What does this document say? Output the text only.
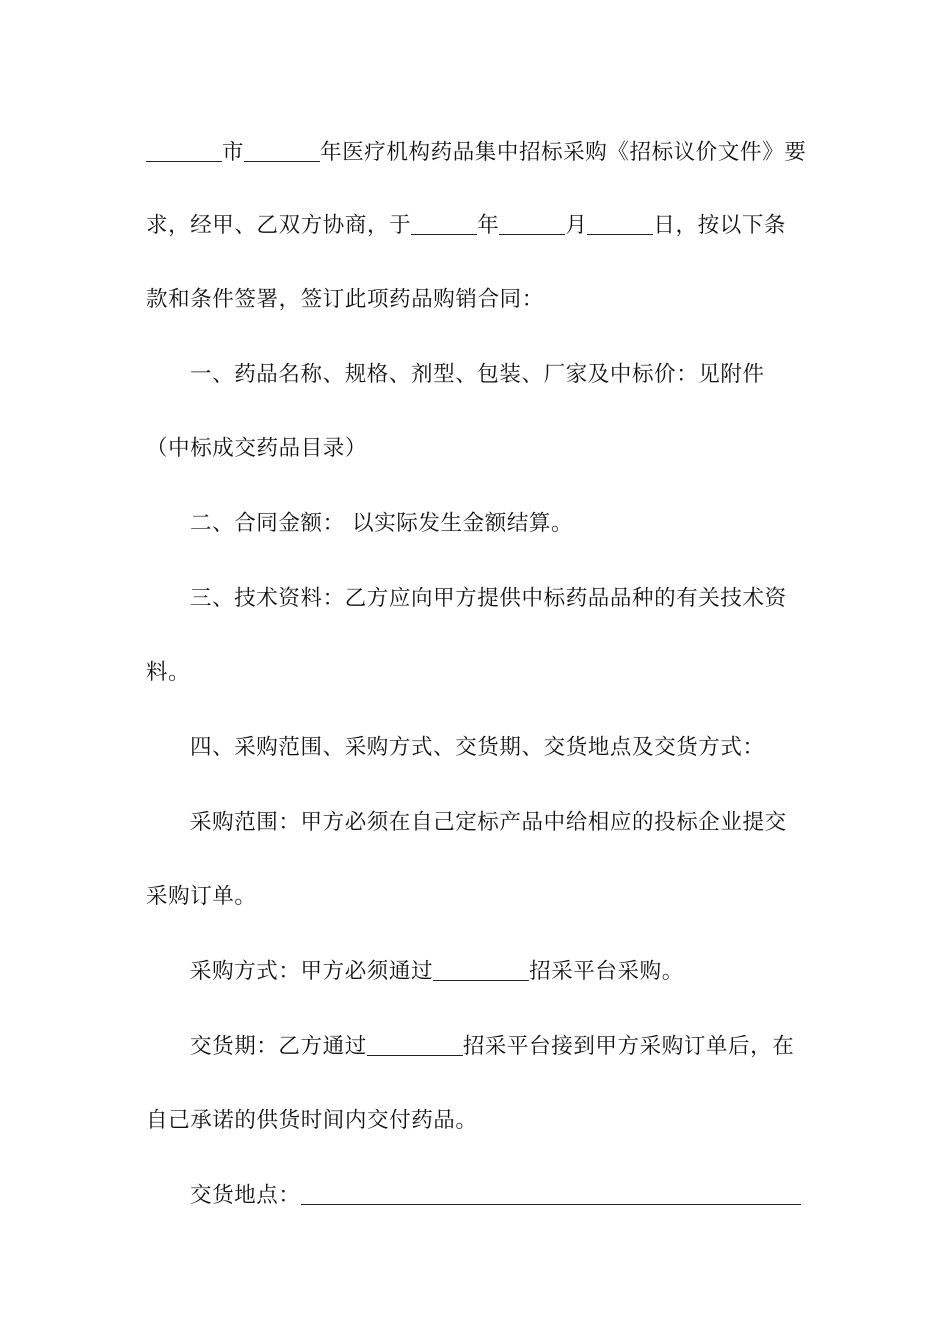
市	年医疗机构药品集中招标采购《招标议价文件》要
求，经甲、乙双方协商，于	年	月	日，按以下条
款和条件签署，签订此项药品购销合同：
一、药品名称、规格、剂型、包装、厂家及中标价：见附件
（中标成交药品目录）
二、合同金额： 以实际发生金额结算。
三、技术资料：乙方应向甲方提供中标药品品种的有关技术资
料。
四、采购范围、采购方式、交货期、交货地点及交货方式：
采购范围：甲方必须在自己定标产品中给相应的投标企业提交
采购订单。
采购方式：甲方必须通过	招采平台采购。
交货期：乙方通过	招采平台接到甲方采购订单后，在
自己承诺的供货时间内交付药品。
交货地点：
